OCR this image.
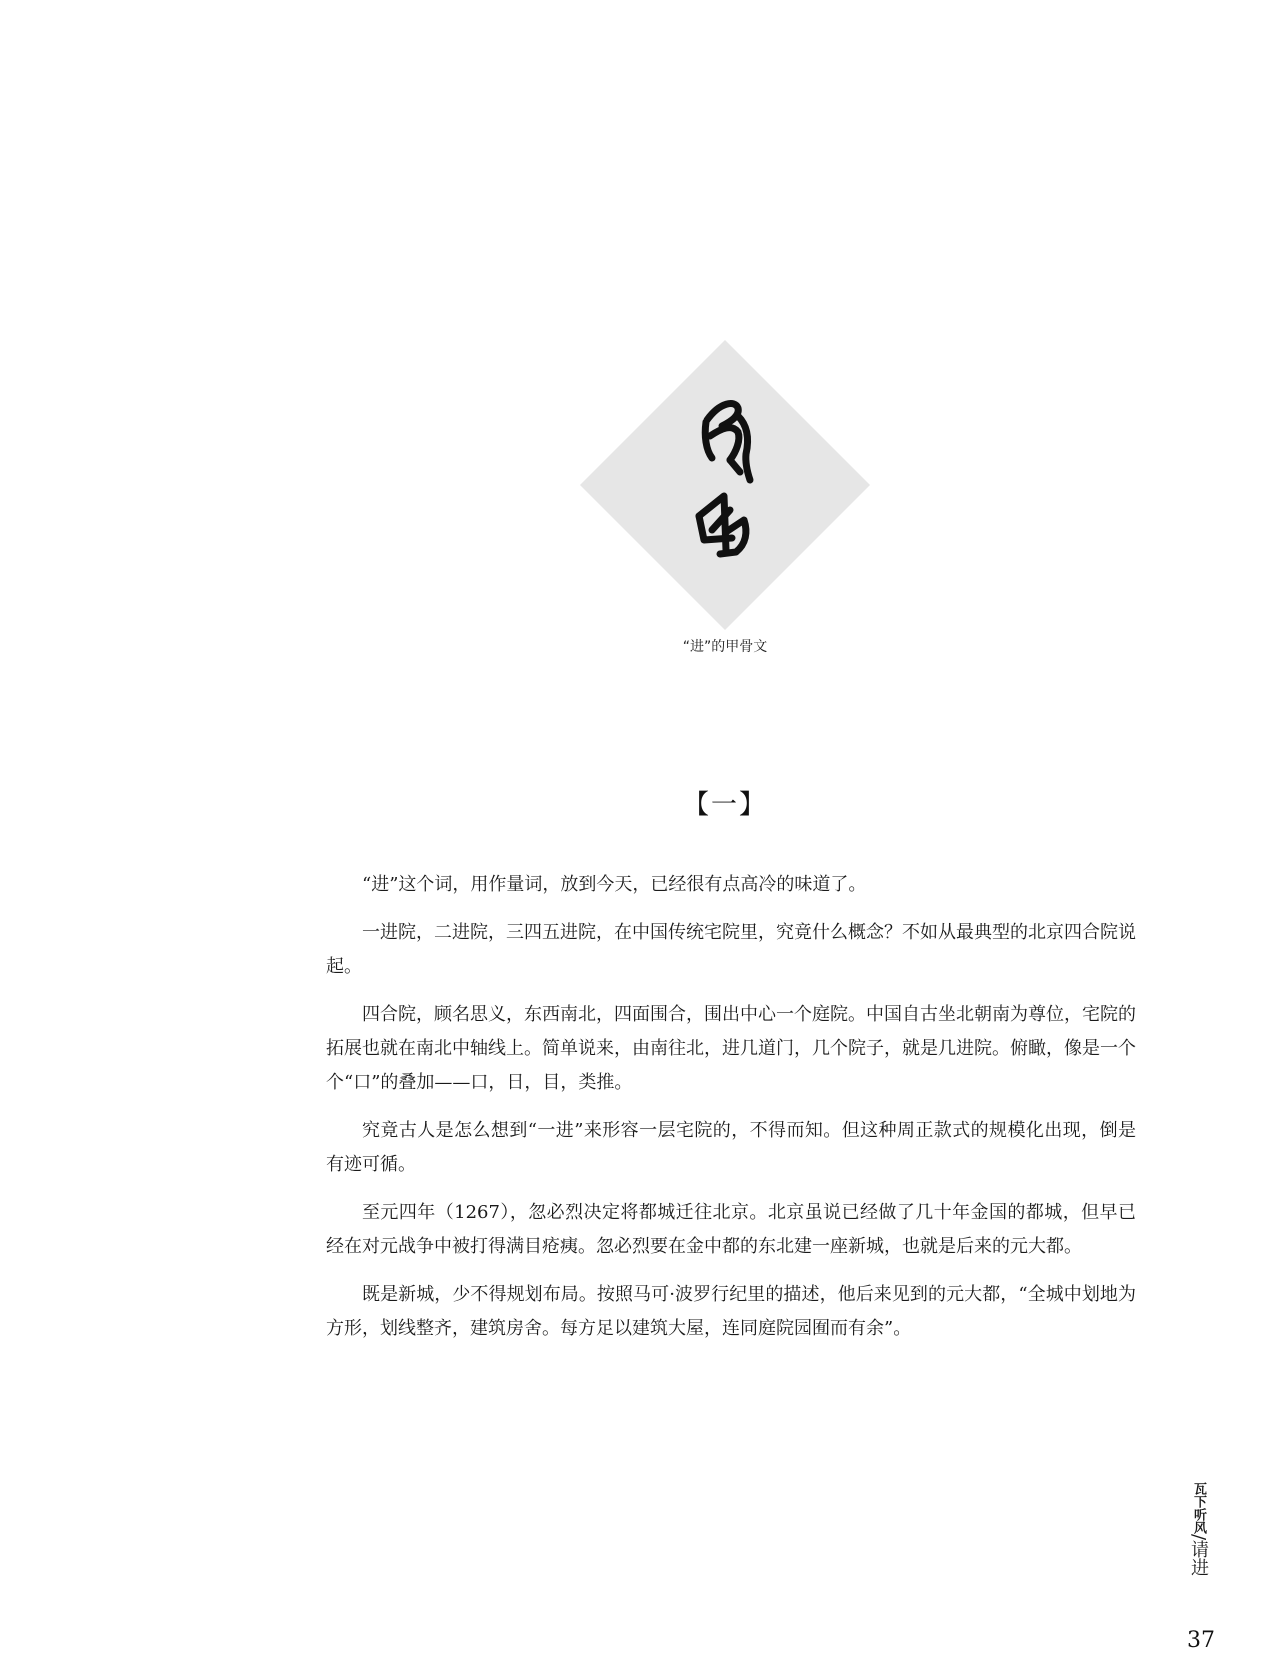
“进”的甲骨文
【一】

“进”这个词，用作量词，放到今天，已经很有点高冷的味道了。

一进院，二进院，三四五进院，在中国传统宅院里，究竟什么概念？不如从最典型的北京四合院说起。

四合院，顾名思义，东西南北，四面围合，围出中心一个庭院。中国自古坐北朝南为尊位，宅院的拓展也就在南北中轴线上。简单说来，由南往北，进几道门，几个院子，就是几进院。俯瞰，像是一个个“口”的叠加——口，日，目，类推。

究竟古人是怎么想到“一进”来形容一层宅院的，不得而知。但这种周正款式的规模化出现，倒是有迹可循。

至元四年（1267），忽必烈决定将都城迁往北京。北京虽说已经做了几十年金国的都城，但早已经在对元战争中被打得满目疮痍。忽必烈要在金中都的东北建一座新城，也就是后来的元大都。

既是新城，少不得规划布局。按照马可·波罗行纪里的描述，他后来见到的元大都，“全城中划地为方形，划线整齐，建筑房舍。每方足以建筑大屋，连同庭院园囿而有余”。

瓦下听风/请进
37
